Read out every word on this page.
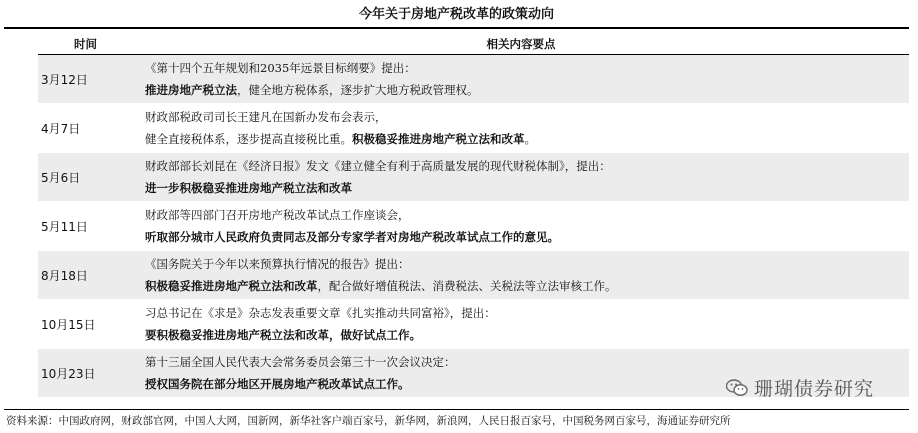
今年关于房地产税改革的政策动向
时间	相关内容要点
3月12日
《第十四个五年规划和2035年远景目标纲要》提出：
推进房地产税立法，健全地方税体系，逐步扩大地方税政管理权。
4月7日
财政部税政司司长王建凡在国新办发布会表示，
健全直接税体系，逐步提高直接税比重。积极稳妥推进房地产税立法和改革。
5月6日
财政部部长刘昆在《经济日报》发文《建立健全有利于高质量发展的现代财税体制》，提出：
进一步积极稳妥推进房地产税立法和改革
5月11日
财政部等四部门召开房地产税改革试点工作座谈会，
听取部分城市人民政府负责同志及部分专家学者对房地产税改革试点工作的意见。
8月18日
《国务院关于今年以来预算执行情况的报告》提出：
积极稳妥推进房地产税立法和改革，配合做好增值税法、消费税法、关税法等立法审核工作。
10月15日
习总书记在《求是》杂志发表重要文章《扎实推动共同富裕》，提出：
要积极稳妥推进房地产税立法和改革，做好试点工作。
10月23日
第十三届全国人民代表大会常务委员会第三十一次会议决定：
授权国务院在部分地区开展房地产税改革试点工作。
资料来源：中国政府网，财政部官网，中国人大网，国新网，新华社客户端百家号，新华网，新浪网，人民日报百家号，中国税务网百家号，海通证券研究所
珊瑚债券研究
